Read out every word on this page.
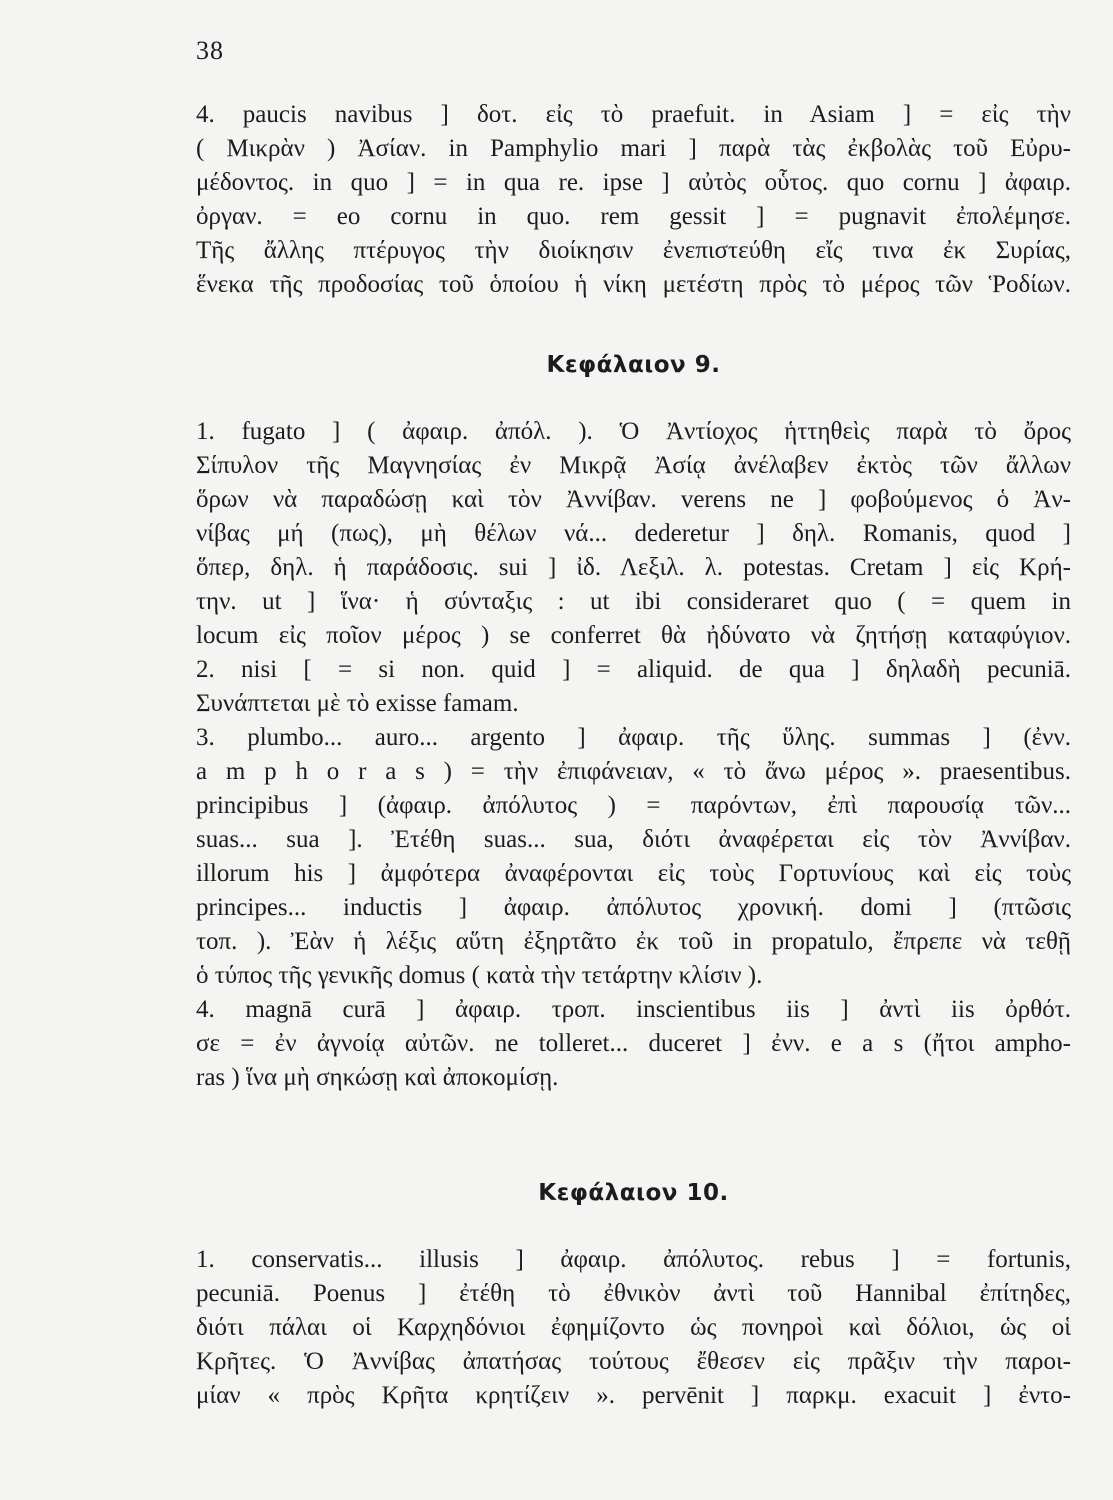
38
4. paucis navibus ] δοτ. εἰς τὸ praefuit. in Asiam ] = εἰς τὴν
( Μικρὰν ) Ἀσίαν. in Pamphylio mari ] παρὰ τὰς ἐκβολὰς τοῦ Εὐρυ-
μέδοντος. in quo ] = in qua re. ipse ] αὐτὸς οὗτος. quo cornu ] ἀφαιρ.
ὀργαν. = eo cornu in quo. rem gessit ] = pugnavit ἐπολέμησε.
Τῆς ἄλλης πτέρυγος τὴν διοίκησιν ἐνεπιστεύθη εἴς τινα ἐκ Συρίας,
ἕνεκα τῆς προδοσίας τοῦ ὁποίου ἡ νίκη μετέστη πρὸς τὸ μέρος τῶν Ῥοδίων.
Κεφάλαιον 9.
1. fugato ] ( ἀφαιρ. ἀπόλ. ). Ὁ Ἀντίοχος ἡττηθεὶς παρὰ τὸ ὄρος
Σίπυλον τῆς Μαγνησίας ἐν Μικρᾷ Ἀσίᾳ ἀνέλαβεν ἐκτὸς τῶν ἄλλων
ὅρων νὰ παραδώσῃ καὶ τὸν Ἀννίβαν. verens ne ] φοβούμενος ὁ Ἀν-
νίβας μή (πως), μὴ θέλων νά... dederetur ] δηλ. Romanis, quod ]
ὅπερ, δηλ. ἡ παράδοσις. sui ] ἰδ. Λεξιλ. λ. potestas. Cretam ] εἰς Κρή-
την. ut ] ἵνα· ἡ σύνταξις : ut ibi consideraret quo ( = quem in
locum εἰς ποῖον μέρος ) se conferret θὰ ἠδύνατο νὰ ζητήσῃ καταφύγιον.
2. nisi [ = si non. quid ] = aliquid. de qua ] δηλαδὴ pecuniā.
Συνάπτεται μὲ τὸ exisse famam.
3. plumbo... auro... argento ] ἀφαιρ. τῆς ὕλης. summas ] (ἐνν.
a m p h o r a s ) = τὴν ἐπιφάνειαν, « τὸ ἄνω μέρος ». praesentibus.
principibus ] (ἀφαιρ. ἀπόλυτος ) = παρόντων, ἐπὶ παρουσίᾳ τῶν...
suas... sua ]. Ἐτέθη suas... sua, διότι ἀναφέρεται εἰς τὸν Ἀννίβαν.
illorum his ] ἀμφότερα ἀναφέρονται εἰς τοὺς Γορτυνίους καὶ εἰς τοὺς
principes... inductis ] ἀφαιρ. ἀπόλυτος χρονική. domi ] (πτῶσις
τοπ. ). Ἐὰν ἡ λέξις αὕτη ἐξηρτᾶτο ἐκ τοῦ in propatulo, ἔπρεπε νὰ τεθῇ
ὁ τύπος τῆς γενικῆς domus ( κατὰ τὴν τετάρτην κλίσιν ).
4. magnā curā ] ἀφαιρ. τροπ. inscientibus iis ] ἀντὶ iis ὀρθότ.
σε = ἐν ἀγνοίᾳ αὐτῶν. ne tolleret... duceret ] ἐνν. e a s (ἤτοι ampho-
ras ) ἵνα μὴ σηκώσῃ καὶ ἀποκομίσῃ.
Κεφάλαιον 10.
1. conservatis... illusis ] ἀφαιρ. ἀπόλυτος. rebus ] = fortunis,
pecuniā. Poenus ] ἐτέθη τὸ ἐθνικὸν ἀντὶ τοῦ Hannibal ἐπίτηδες,
διότι πάλαι οἱ Καρχηδόνιοι ἐφημίζοντο ὡς πονηροὶ καὶ δόλιοι, ὡς οἱ
Κρῆτες. Ὁ Ἀννίβας ἀπατήσας τούτους ἔθεσεν εἰς πρᾶξιν τὴν παροι-
μίαν « πρὸς Κρῆτα κρητίζειν ». pervēnit ] παρκμ. exacuit ] ἐντο-
